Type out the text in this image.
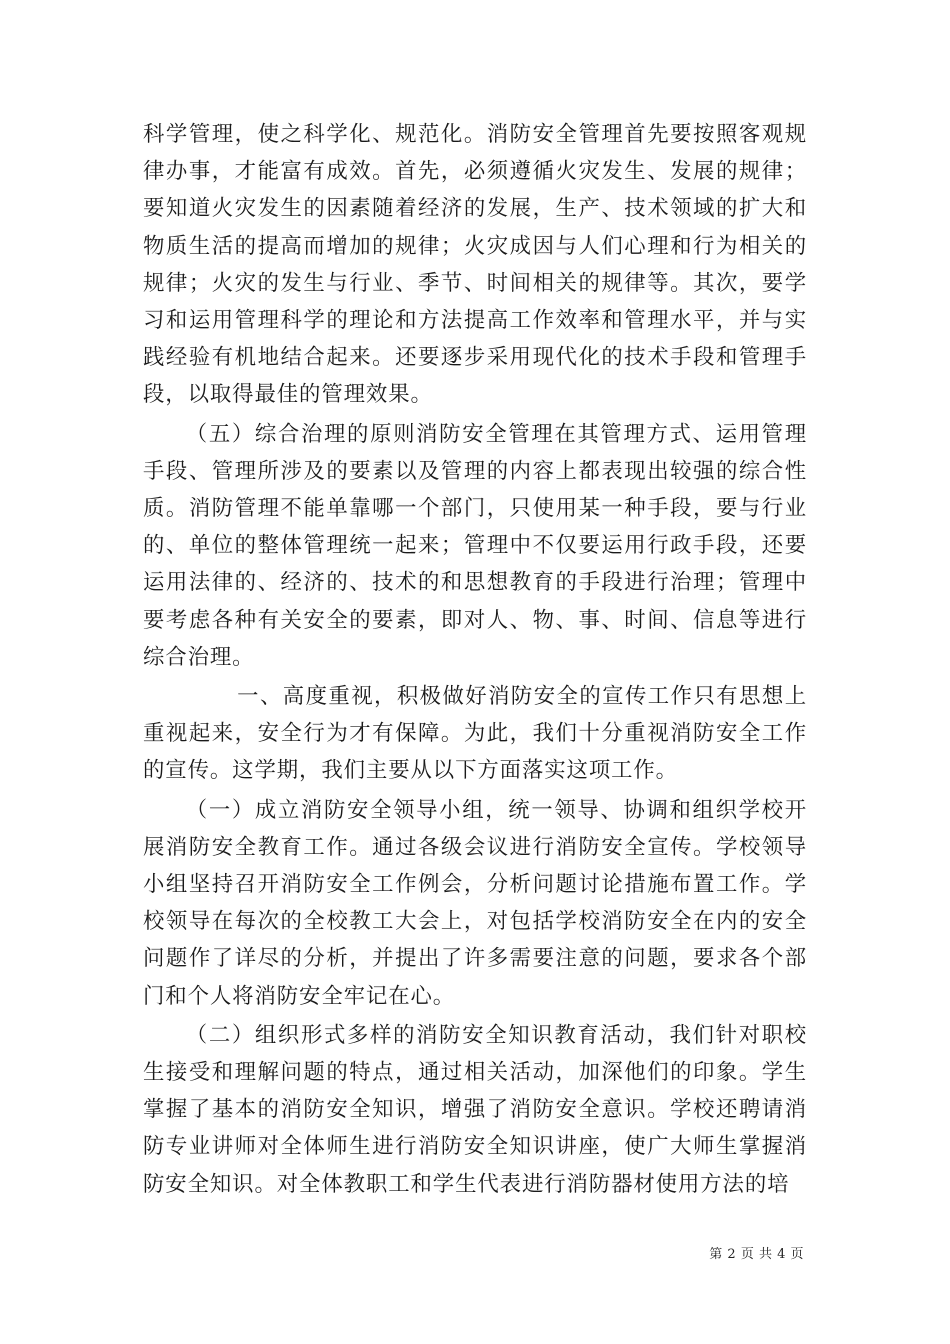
科学管理，使之科学化、规范化。消防安全管理首先要按照客观规律办事，才能富有成效。首先，必须遵循火灾发生、发展的规律；要知道火灾发生的因素随着经济的发展，生产、技术领域的扩大和物质生活的提高而增加的规律；火灾成因与人们心理和行为相关的规律；火灾的发生与行业、季节、时间相关的规律等。其次，要学习和运用管理科学的理论和方法提高工作效率和管理水平，并与实践经验有机地结合起来。还要逐步采用现代化的技术手段和管理手段，以取得最佳的管理效果。

（五）综合治理的原则消防安全管理在其管理方式、运用管理手段、管理所涉及的要素以及管理的内容上都表现出较强的综合性质。消防管理不能单靠哪一个部门，只使用某一种手段，要与行业的、单位的整体管理统一起来；管理中不仅要运用行政手段，还要运用法律的、经济的、技术的和思想教育的手段进行治理；管理中要考虑各种有关安全的要素，即对人、物、事、时间、信息等进行综合治理。

一、高度重视，积极做好消防安全的宣传工作只有思想上重视起来，安全行为才有保障。为此，我们十分重视消防安全工作的宣传。这学期，我们主要从以下方面落实这项工作。

（一）成立消防安全领导小组，统一领导、协调和组织学校开展消防安全教育工作。通过各级会议进行消防安全宣传。学校领导小组坚持召开消防安全工作例会，分析问题讨论措施布置工作。学校领导在每次的全校教工大会上，对包括学校消防安全在内的安全问题作了详尽的分析，并提出了许多需要注意的问题，要求各个部门和个人将消防安全牢记在心。

（二）组织形式多样的消防安全知识教育活动，我们针对职校生接受和理解问题的特点，通过相关活动，加深他们的印象。学生掌握了基本的消防安全知识，增强了消防安全意识。学校还聘请消防专业讲师对全体师生进行消防安全知识讲座，使广大师生掌握消防安全知识。对全体教职工和学生代表进行消防器材使用方法的培

第 2 页 共 4 页
